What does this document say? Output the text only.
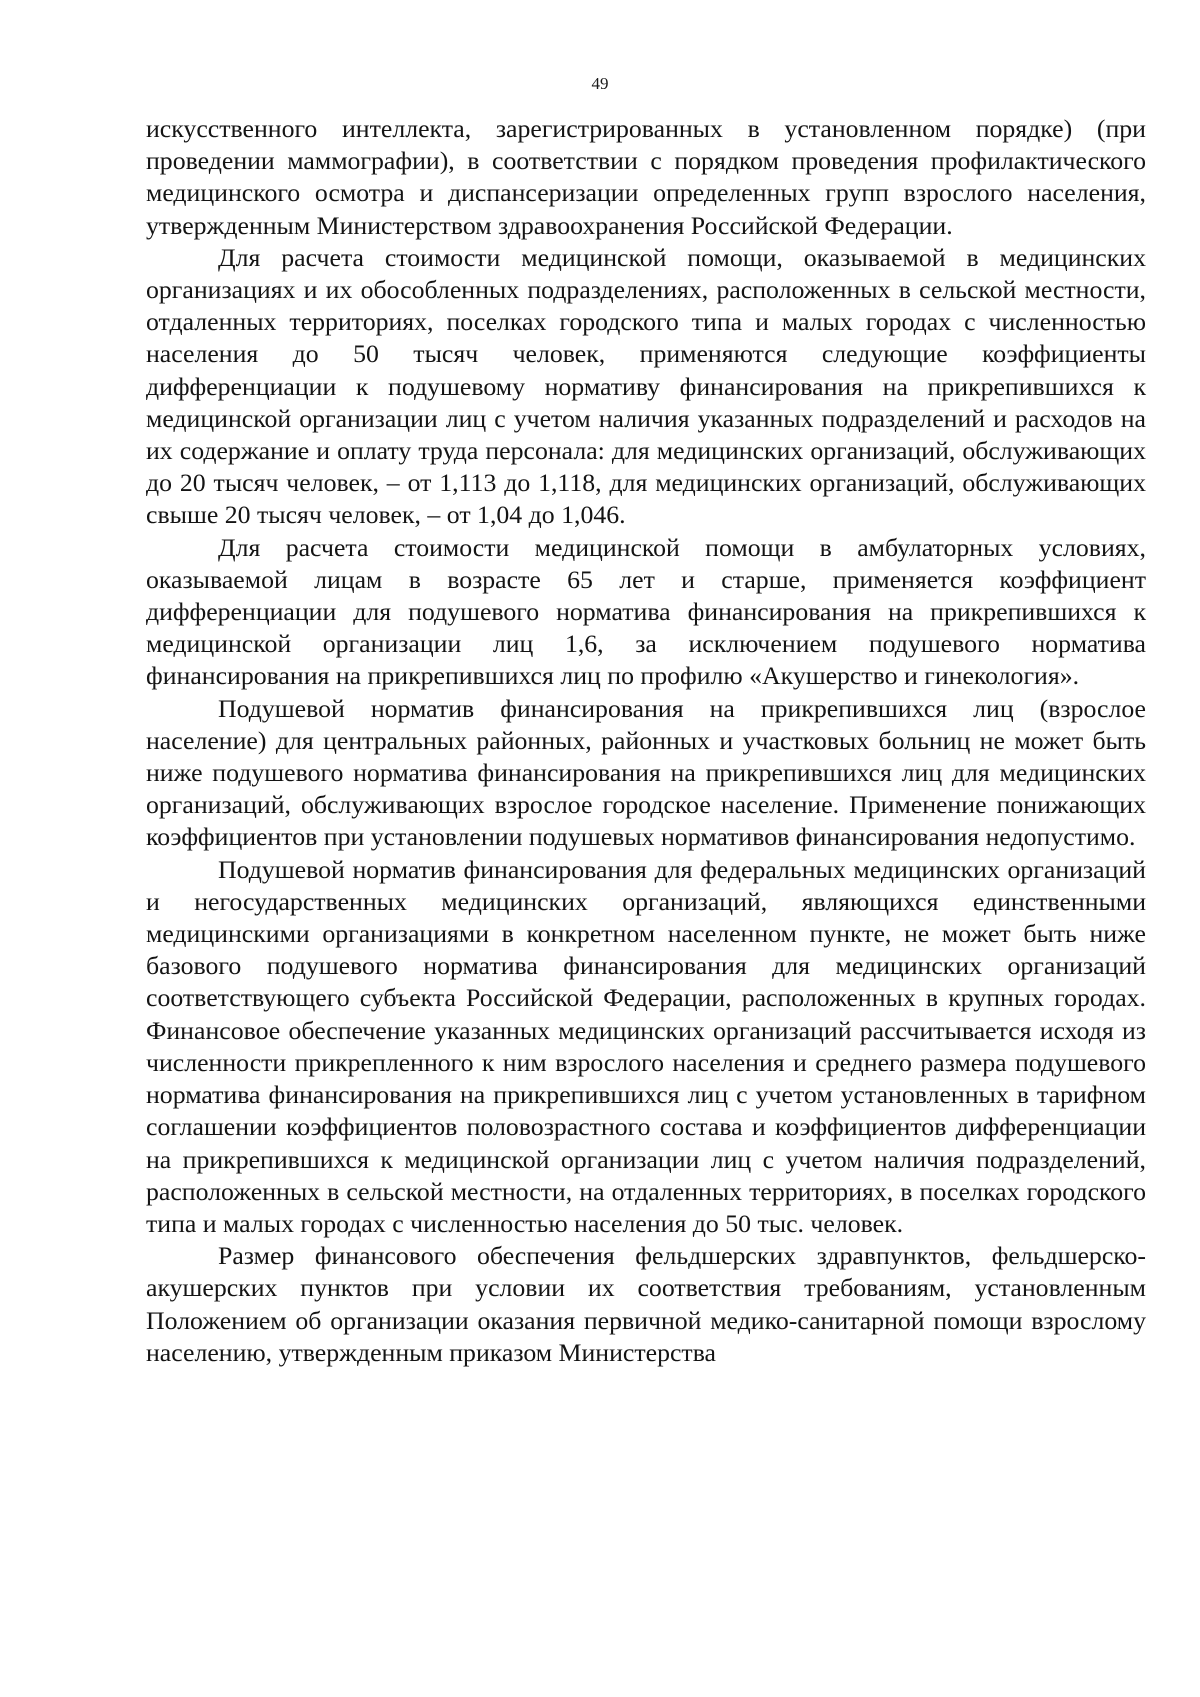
49

искусственного интеллекта, зарегистрированных в установленном порядке) (при проведении маммографии), в соответствии с порядком проведения профилактического медицинского осмотра и диспансеризации определенных групп взрослого населения, утвержденным Министерством здравоохранения Российской Федерации.

Для расчета стоимости медицинской помощи, оказываемой в медицинских организациях и их обособленных подразделениях, расположенных в сельской местности, отдаленных территориях, поселках городского типа и малых городах с численностью населения до 50 тысяч человек, применяются следующие коэффициенты дифференциации к подушевому нормативу финансирования на прикрепившихся к медицинской организации лиц с учетом наличия указанных подразделений и расходов на их содержание и оплату труда персонала: для медицинских организаций, обслуживающих до 20 тысяч человек, – от 1,113 до 1,118, для медицинских организаций, обслуживающих свыше 20 тысяч человек, – от 1,04 до 1,046.

Для расчета стоимости медицинской помощи в амбулаторных условиях, оказываемой лицам в возрасте 65 лет и старше, применяется коэффициент дифференциации для подушевого норматива финансирования на прикрепившихся к медицинской организации лиц 1,6, за исключением подушевого норматива финансирования на прикрепившихся лиц по профилю «Акушерство и гинекология».

Подушевой норматив финансирования на прикрепившихся лиц (взрослое население) для центральных районных, районных и участковых больниц не может быть ниже подушевого норматива финансирования на прикрепившихся лиц для медицинских организаций, обслуживающих взрослое городское население. Применение понижающих коэффициентов при установлении подушевых нормативов финансирования недопустимо.

Подушевой норматив финансирования для федеральных медицинских организаций и негосударственных медицинских организаций, являющихся единственными медицинскими организациями в конкретном населенном пункте, не может быть ниже базового подушевого норматива финансирования для медицинских организаций соответствующего субъекта Российской Федерации, расположенных в крупных городах. Финансовое обеспечение указанных медицинских организаций рассчитывается исходя из численности прикрепленного к ним взрослого населения и среднего размера подушевого норматива финансирования на прикрепившихся лиц с учетом установленных в тарифном соглашении коэффициентов половозрастного состава и коэффициентов дифференциации на прикрепившихся к медицинской организации лиц с учетом наличия подразделений, расположенных в сельской местности, на отдаленных территориях, в поселках городского типа и малых городах с численностью населения до 50 тыс. человек.

Размер финансового обеспечения фельдшерских здравпунктов, фельдшерско-акушерских пунктов при условии их соответствия требованиям, установленным Положением об организации оказания первичной медико-санитарной помощи взрослому населению, утвержденным приказом Министерства
